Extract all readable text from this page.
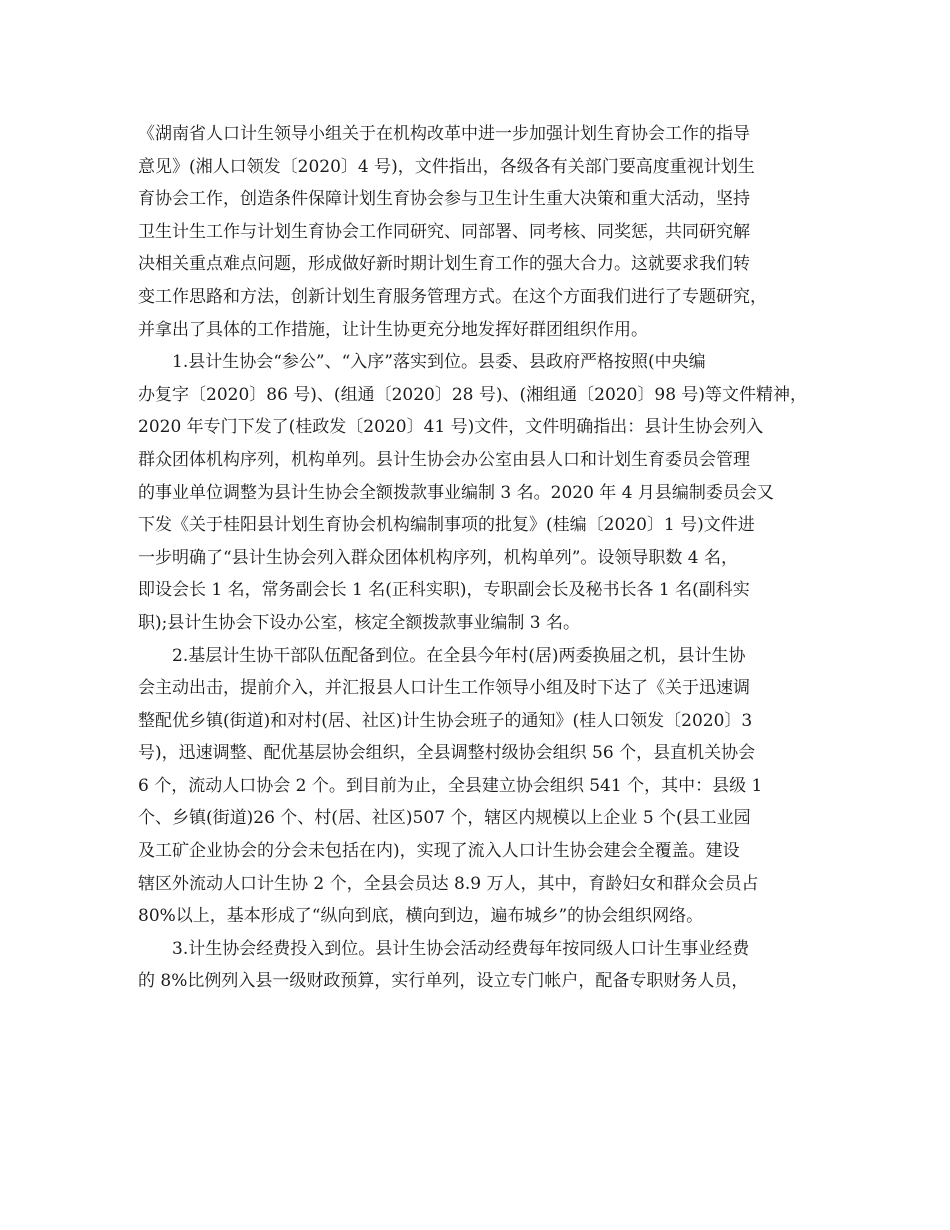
《湖南省人口计生领导小组关于在机构改革中进一步加强计划生育协会工作的指导
意见》(湘人口领发〔2020〕4 号)，文件指出，各级各有关部门要高度重视计划生
育协会工作，创造条件保障计划生育协会参与卫生计生重大决策和重大活动，坚持
卫生计生工作与计划生育协会工作同研究、同部署、同考核、同奖惩，共同研究解
决相关重点难点问题，形成做好新时期计划生育工作的强大合力。这就要求我们转
变工作思路和方法，创新计划生育服务管理方式。在这个方面我们进行了专题研究，
并拿出了具体的工作措施，让计生协更充分地发挥好群团组织作用。

1.县计生协会“参公”、“入序”落实到位。县委、县政府严格按照(中央编
办复字〔2020〕86 号)、(组通〔2020〕28 号)、(湘组通〔2020〕98 号)等文件精神，
2020 年专门下发了(桂政发〔2020〕41 号)文件，文件明确指出：县计生协会列入
群众团体机构序列，机构单列。县计生协会办公室由县人口和计划生育委员会管理
的事业单位调整为县计生协会全额拨款事业编制 3 名。2020 年 4 月县编制委员会又
下发《关于桂阳县计划生育协会机构编制事项的批复》(桂编〔2020〕1 号)文件进
一步明确了“县计生协会列入群众团体机构序列，机构单列”。设领导职数 4 名，
即设会长 1 名，常务副会长 1 名(正科实职)，专职副会长及秘书长各 1 名(副科实
职);县计生协会下设办公室，核定全额拨款事业编制 3 名。

2.基层计生协干部队伍配备到位。在全县今年村(居)两委换届之机，县计生协
会主动出击，提前介入，并汇报县人口计生工作领导小组及时下达了《关于迅速调
整配优乡镇(街道)和对村(居、社区)计生协会班子的通知》(桂人口领发〔2020〕3
号)，迅速调整、配优基层协会组织，全县调整村级协会组织 56 个，县直机关协会
6 个，流动人口协会 2 个。到目前为止，全县建立协会组织 541 个，其中：县级 1
个、乡镇(街道)26 个、村(居、社区)507 个，辖区内规模以上企业 5 个(县工业园
及工矿企业协会的分会未包括在内)，实现了流入人口计生协会建会全覆盖。建设
辖区外流动人口计生协 2 个，全县会员达 8.9 万人，其中，育龄妇女和群众会员占
80%以上，基本形成了“纵向到底，横向到边，遍布城乡”的协会组织网络。

3.计生协会经费投入到位。县计生协会活动经费每年按同级人口计生事业经费
的 8%比例列入县一级财政预算，实行单列，设立专门帐户，配备专职财务人员，
